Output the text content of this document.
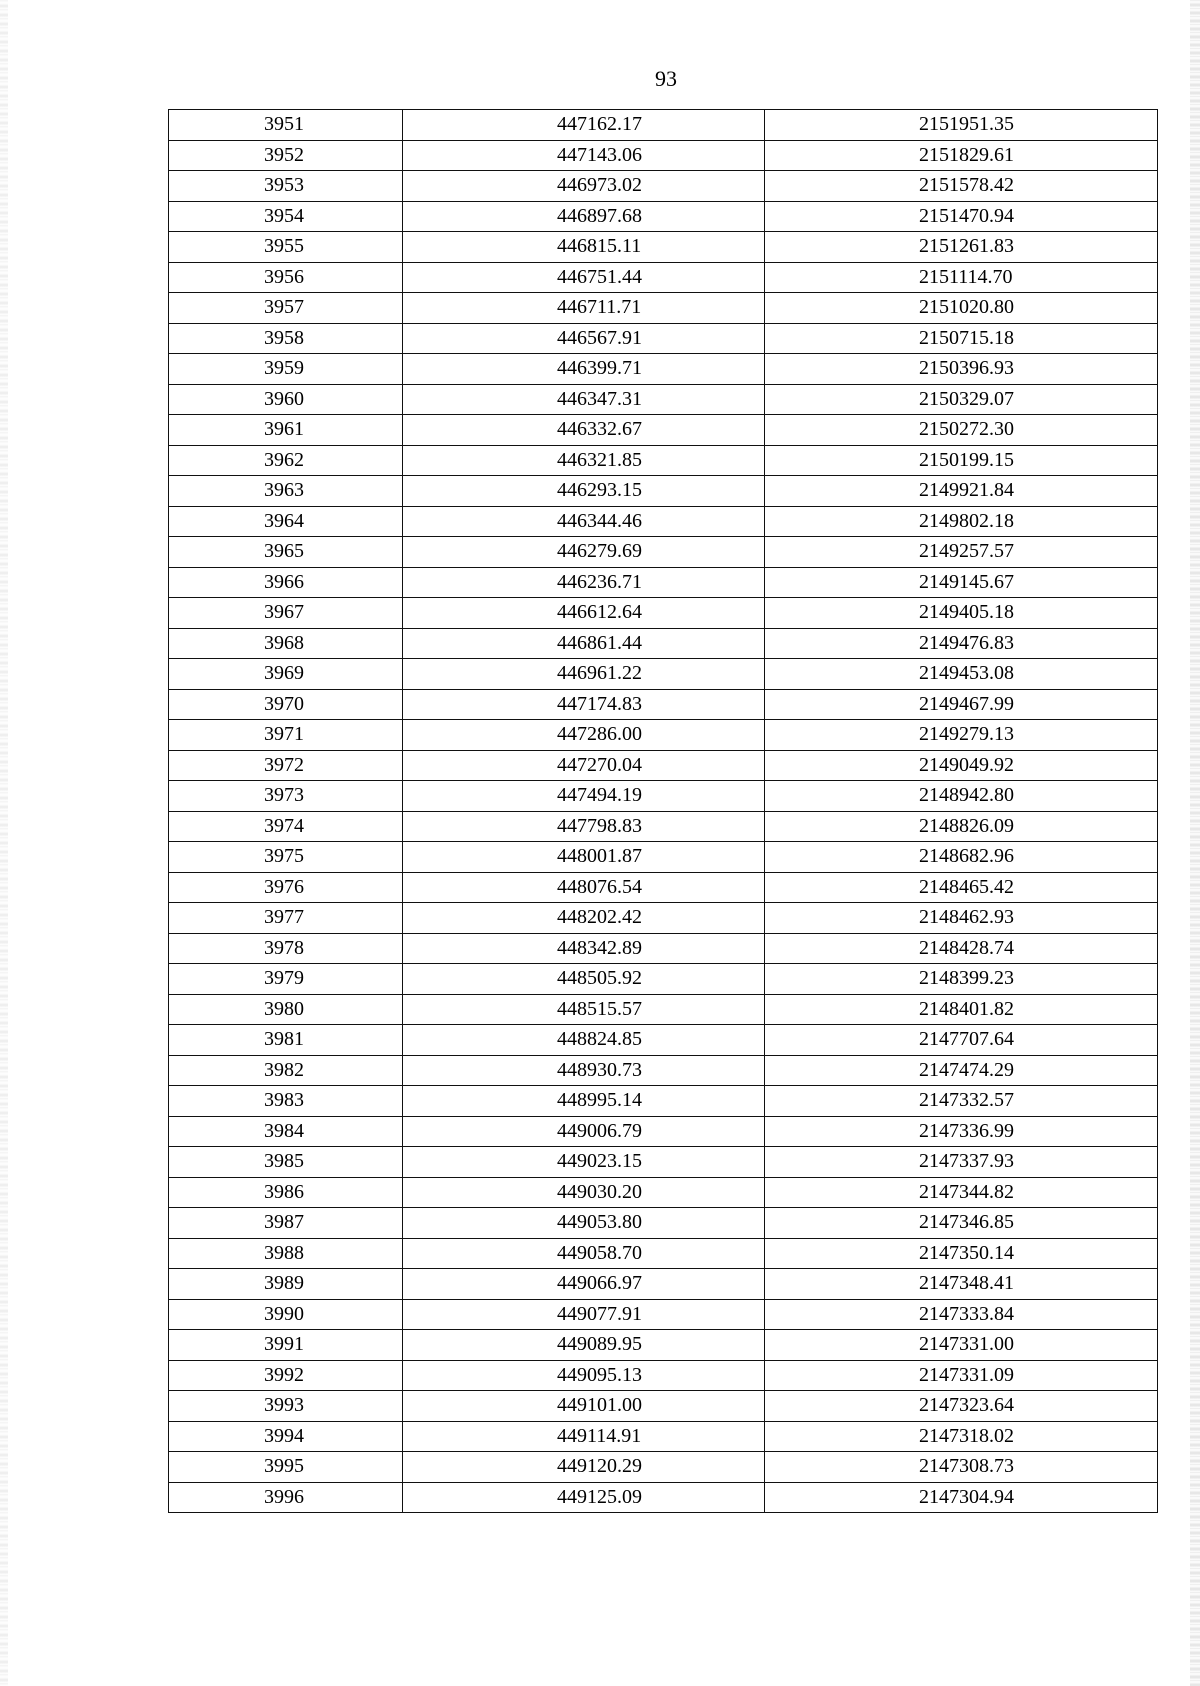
93
3951	447162.17	2151951.35
3952	447143.06	2151829.61
3953	446973.02	2151578.42
3954	446897.68	2151470.94
3955	446815.11	2151261.83
3956	446751.44	2151114.70
3957	446711.71	2151020.80
3958	446567.91	2150715.18
3959	446399.71	2150396.93
3960	446347.31	2150329.07
3961	446332.67	2150272.30
3962	446321.85	2150199.15
3963	446293.15	2149921.84
3964	446344.46	2149802.18
3965	446279.69	2149257.57
3966	446236.71	2149145.67
3967	446612.64	2149405.18
3968	446861.44	2149476.83
3969	446961.22	2149453.08
3970	447174.83	2149467.99
3971	447286.00	2149279.13
3972	447270.04	2149049.92
3973	447494.19	2148942.80
3974	447798.83	2148826.09
3975	448001.87	2148682.96
3976	448076.54	2148465.42
3977	448202.42	2148462.93
3978	448342.89	2148428.74
3979	448505.92	2148399.23
3980	448515.57	2148401.82
3981	448824.85	2147707.64
3982	448930.73	2147474.29
3983	448995.14	2147332.57
3984	449006.79	2147336.99
3985	449023.15	2147337.93
3986	449030.20	2147344.82
3987	449053.80	2147346.85
3988	449058.70	2147350.14
3989	449066.97	2147348.41
3990	449077.91	2147333.84
3991	449089.95	2147331.00
3992	449095.13	2147331.09
3993	449101.00	2147323.64
3994	449114.91	2147318.02
3995	449120.29	2147308.73
3996	449125.09	2147304.94
